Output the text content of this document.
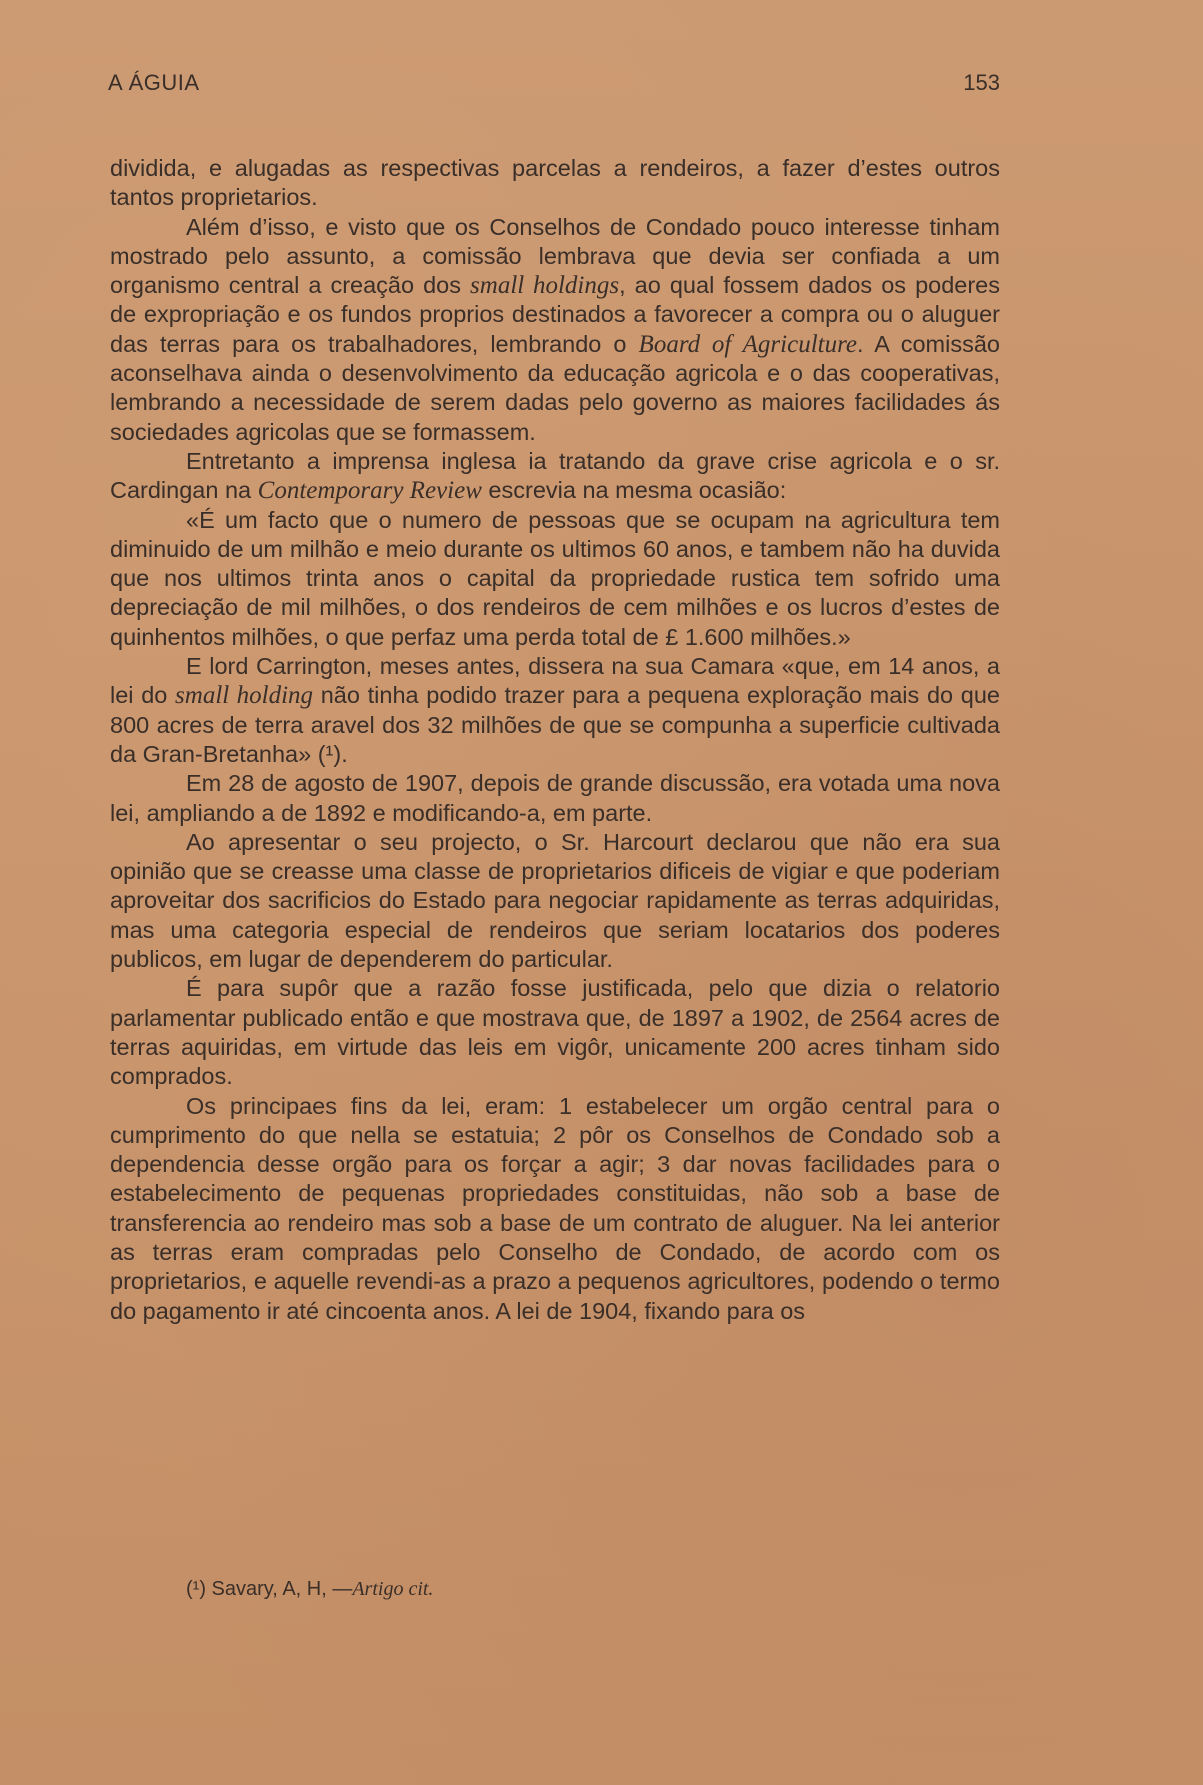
A ÁGUIA	153

dividida, e alugadas as respectivas parcelas a rendeiros, a fazer d’estes outros tantos proprietarios.

Além d’isso, e visto que os Conselhos de Condado pouco interesse tinham mostrado pelo assunto, a comissão lembrava que devia ser confiada a um organismo central a creação dos small holdings, ao qual fossem dados os poderes de expropriação e os fundos proprios destinados a favorecer a compra ou o aluguer das terras para os trabalhadores, lembrando o Board of Agriculture. A comissão aconselhava ainda o desenvolvimento da educação agricola e o das cooperativas, lembrando a necessidade de serem dadas pelo governo as maiores facilidades ás sociedades agricolas que se formassem.

Entretanto a imprensa inglesa ia tratando da grave crise agricola e o sr. Cardingan na Contemporary Review escrevia na mesma ocasião:

«É um facto que o numero de pessoas que se ocupam na agricultura tem diminuido de um milhão e meio durante os ultimos 60 anos, e tambem não ha duvida que nos ultimos trinta anos o capital da propriedade rustica tem sofrido uma depreciação de mil milhões, o dos rendeiros de cem milhões e os lucros d’estes de quinhentos milhões, o que perfaz uma perda total de £ 1.600 milhões.»

E lord Carrington, meses antes, dissera na sua Camara «que, em 14 anos, a lei do small holding não tinha podido trazer para a pequena exploração mais do que 800 acres de terra aravel dos 32 milhões de que se compunha a superficie cultivada da Gran-Bretanha» (¹).

Em 28 de agosto de 1907, depois de grande discussão, era votada uma nova lei, ampliando a de 1892 e modificando-a, em parte.

Ao apresentar o seu projecto, o Sr. Harcourt declarou que não era sua opinião que se creasse uma classe de proprietarios dificeis de vigiar e que poderiam aproveitar dos sacrificios do Estado para negociar rapidamente as terras adquiridas, mas uma categoria especial de rendeiros que seriam locatarios dos poderes publicos, em lugar de dependerem do particular.

É para supôr que a razão fosse justificada, pelo que dizia o relatorio parlamentar publicado então e que mostrava que, de 1897 a 1902, de 2564 acres de terras aquiridas, em virtude das leis em vigôr, unicamente 200 acres tinham sido comprados.

Os principaes fins da lei, eram: 1 estabelecer um orgão central para o cumprimento do que nella se estatuia; 2 pôr os Conselhos de Condado sob a dependencia desse orgão para os forçar a agir; 3 dar novas facilidades para o estabelecimento de pequenas propriedades constituidas, não sob a base de transferencia ao rendeiro mas sob a base de um contrato de aluguer. Na lei anterior as terras eram compradas pelo Conselho de Condado, de acordo com os proprietarios, e aquelle revendi-as a prazo a pequenos agricultores, podendo o termo do pagamento ir até cincoenta anos. A lei de 1904, fixando para os

(¹) Savary, A, H, —Artigo cit.
